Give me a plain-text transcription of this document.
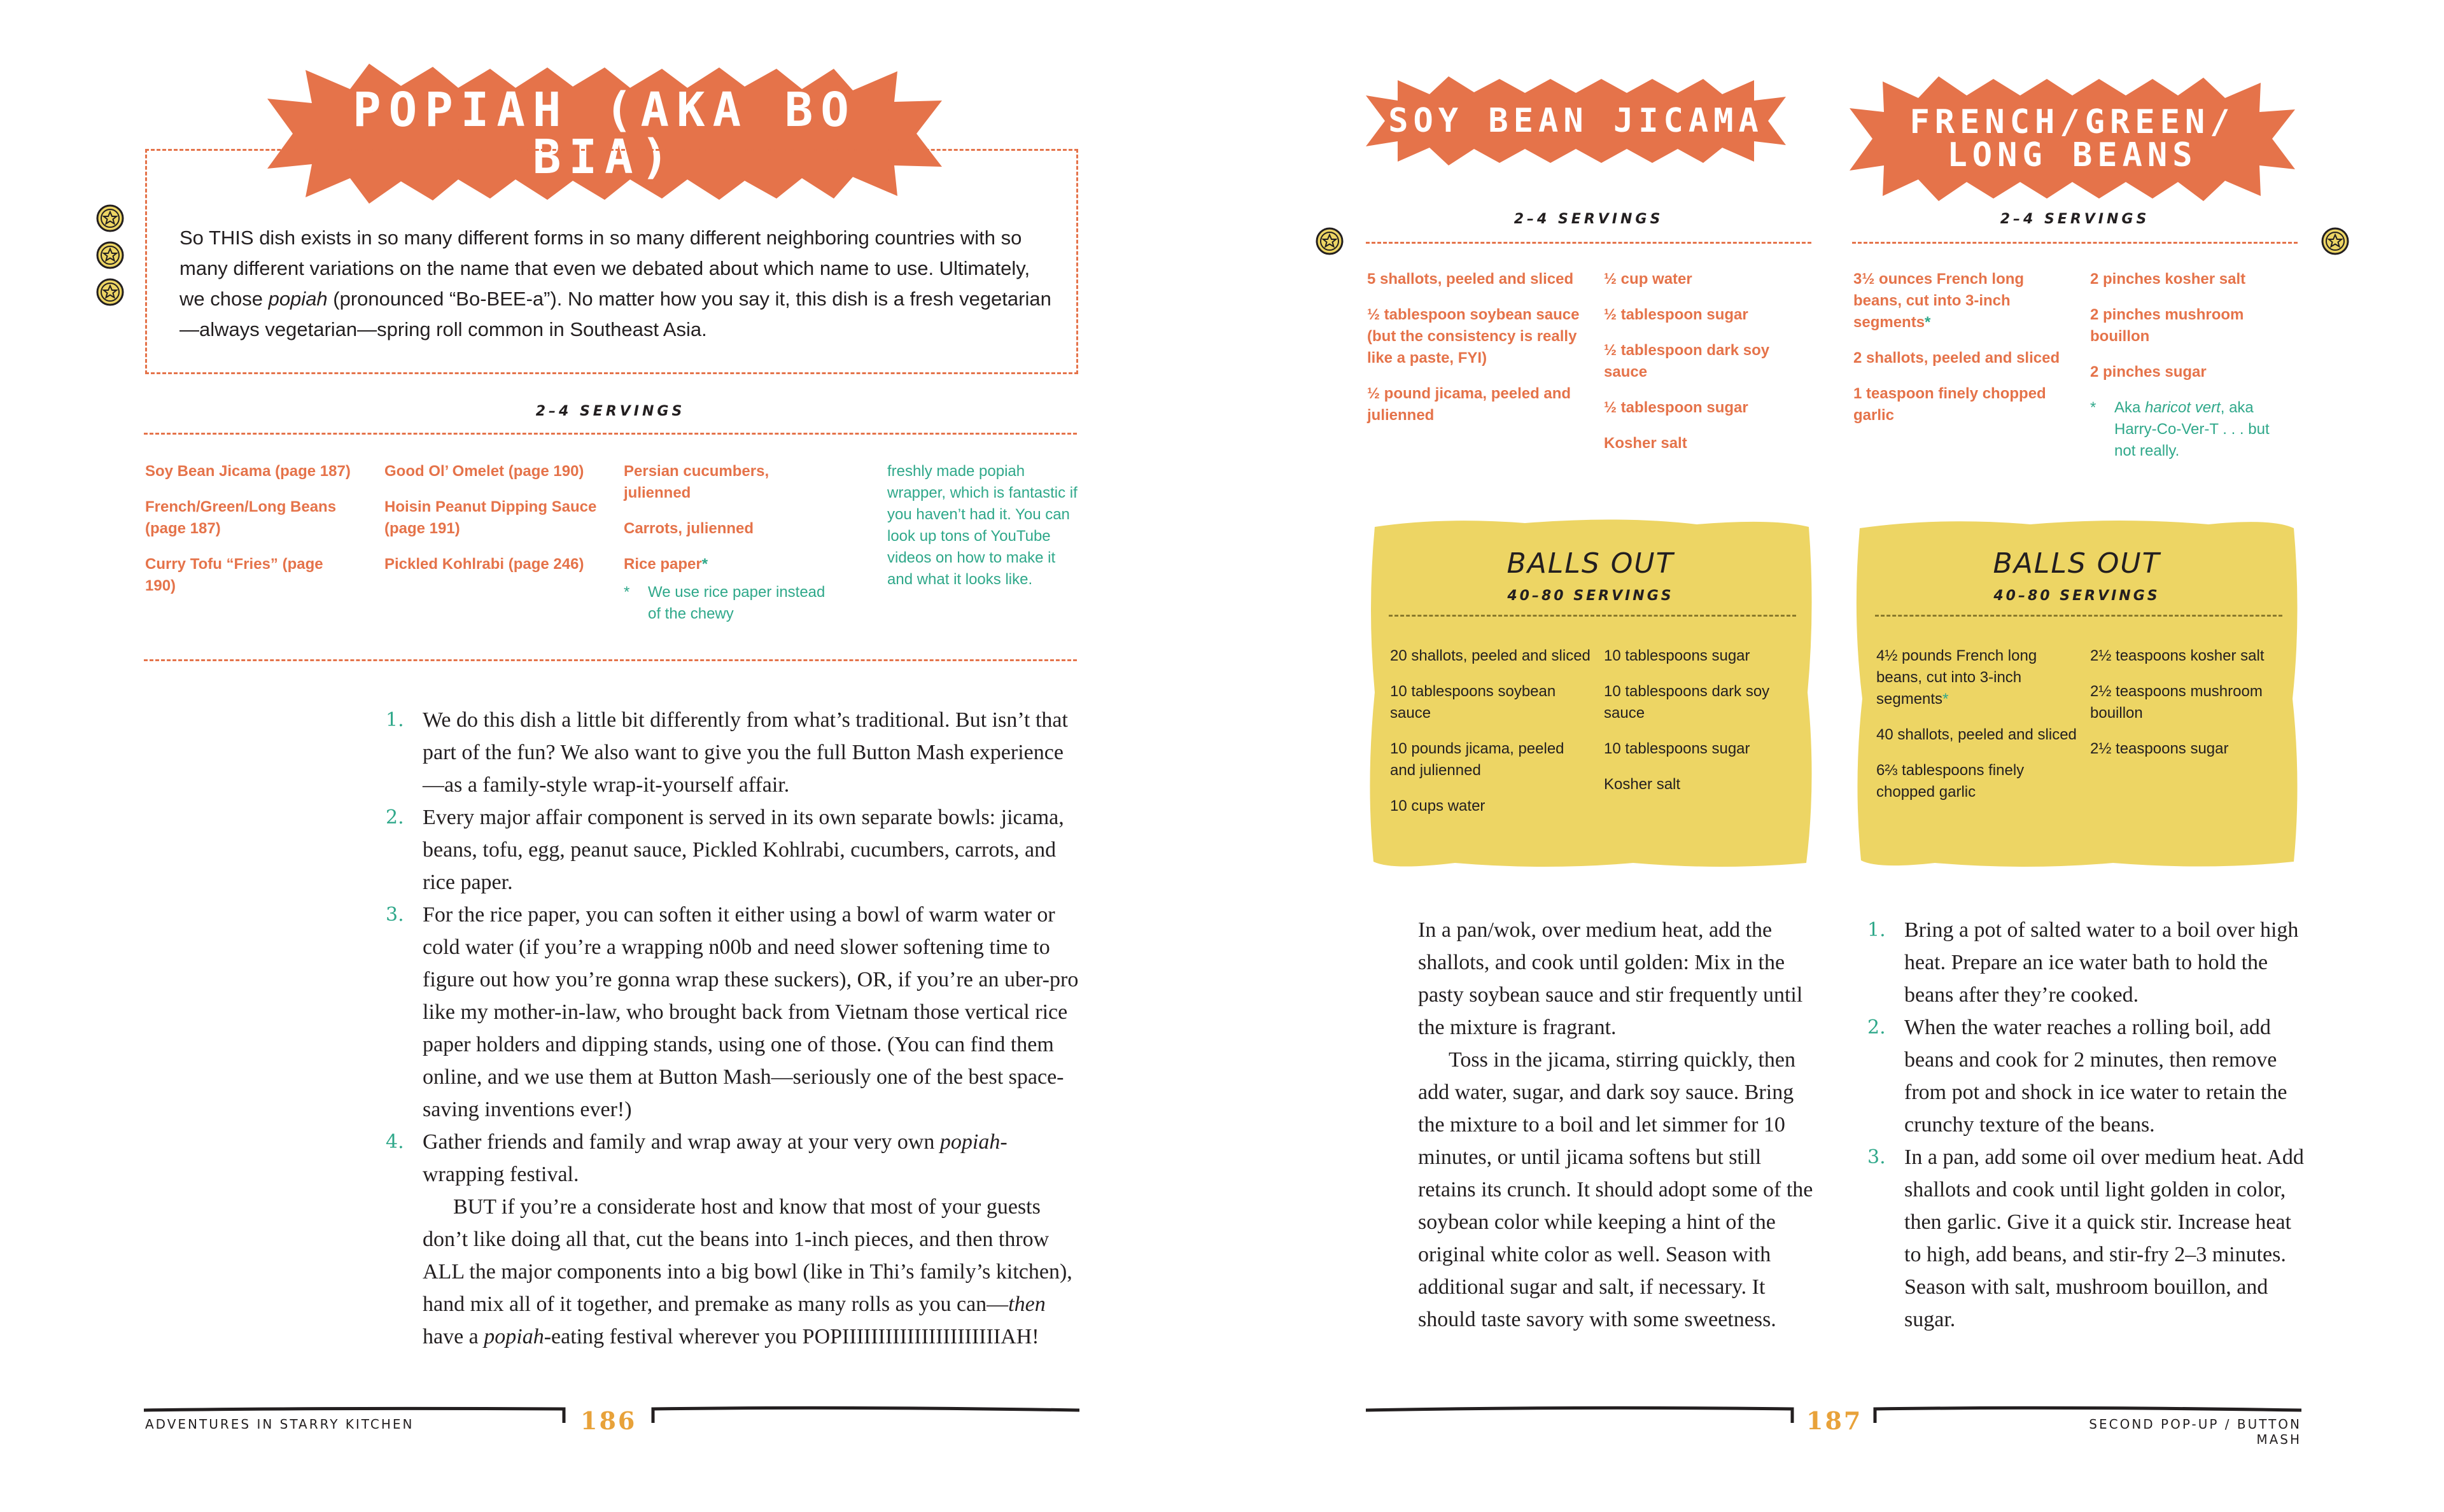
POPIAH (AKA BO BIA)
So THIS dish exists in so many different forms in so many different neighboring countries with so many different variations on the name that even we debated about which name to use. Ultimately, we chose popiah (pronounced “Bo-BEE-a”). No matter how you say it, this dish is a fresh vegetarian—always vegetarian—spring roll common in Southeast Asia.
2–4 SERVINGS
Soy Bean Jicama (page 187)
French/Green/Long Beans (page 187)
Curry Tofu “Fries” (page 190)
Good Ol’ Omelet (page 190)
Hoisin Peanut Dipping Sauce (page 191)
Pickled Kohlrabi (page 246)
Persian cucumbers, julienned
Carrots, julienned
Rice paper*
* We use rice paper instead of the chewy
freshly made popiah wrapper, which is fantastic if you haven’t had it. You can look up tons of YouTube videos on how to make it and what it looks like.
1. We do this dish a little bit differently from what’s traditional. But isn’t that part of the fun? We also want to give you the full Button Mash experience—as a family-style wrap-it-yourself affair.
2. Every major affair component is served in its own separate bowls: jicama, beans, tofu, egg, peanut sauce, Pickled Kohlrabi, cucumbers, carrots, and rice paper.
3. For the rice paper, you can soften it either using a bowl of warm water or cold water (if you’re a wrapping n00b and need slower softening time to figure out how you’re gonna wrap these suckers), OR, if you’re an uber-pro like my mother-in-law, who brought back from Vietnam those vertical rice paper holders and dipping stands, using one of those. (You can find them online, and we use them at Button Mash—seriously one of the best space-saving inventions ever!)
4. Gather friends and family and wrap away at your very own popiah-wrapping festival.
BUT if you’re a considerate host and know that most of your guests don’t like doing all that, cut the beans into 1-inch pieces, and then throw ALL the major components into a big bowl (like in Thi’s family’s kitchen), hand mix all of it together, and premake as many rolls as you can—then have a popiah-eating festival wherever you POPIIIIIIIIIIIIIIIIIIIIIIAH!
ADVENTURES IN STARRY KITCHEN	186
SOY BEAN JICAMA	FRENCH/GREEN/
LONG BEANS
2–4 SERVINGS
5 shallots, peeled and sliced
½ tablespoon soybean sauce (but the consistency is really like a paste, FYI)
½ pound jicama, peeled and julienned
½ cup water
½ tablespoon sugar
½ tablespoon dark soy sauce
½ tablespoon sugar
Kosher salt
2–4 SERVINGS
3½ ounces French long beans, cut into 3-inch segments*
2 shallots, peeled and sliced
1 teaspoon finely chopped garlic
2 pinches kosher salt
2 pinches mushroom bouillon
2 pinches sugar
* Aka haricot vert, aka Harry-Co-Ver-T . . . but not really.
BALLS OUT
40–80 SERVINGS
20 shallots, peeled and sliced
10 tablespoons soybean sauce
10 pounds jicama, peeled and julienned
10 cups water
10 tablespoons sugar
10 tablespoons dark soy sauce
10 tablespoons sugar
Kosher salt
BALLS OUT
40–80 SERVINGS
4½ pounds French long beans, cut into 3-inch segments*
40 shallots, peeled and sliced
6⅔ tablespoons finely chopped garlic
2½ teaspoons kosher salt
2½ teaspoons mushroom bouillon
2½ teaspoons sugar
In a pan/wok, over medium heat, add the shallots, and cook until golden: Mix in the pasty soybean sauce and stir frequently until the mixture is fragrant.
Toss in the jicama, stirring quickly, then add water, sugar, and dark soy sauce. Bring the mixture to a boil and let simmer for 10 minutes, or until jicama softens but still retains its crunch. It should adopt some of the soybean color while keeping a hint of the original white color as well. Season with additional sugar and salt, if necessary. It should taste savory with some sweetness.
1. Bring a pot of salted water to a boil over high heat. Prepare an ice water bath to hold the beans after they’re cooked.
2. When the water reaches a rolling boil, add beans and cook for 2 minutes, then remove from pot and shock in ice water to retain the crunchy texture of the beans.
3. In a pan, add some oil over medium heat. Add shallots and cook until light golden in color, then garlic. Give it a quick stir. Increase heat to high, add beans, and stir-fry 2–3 minutes. Season with salt, mushroom bouillon, and sugar.
187	SECOND POP-UP / BUTTON MASH
